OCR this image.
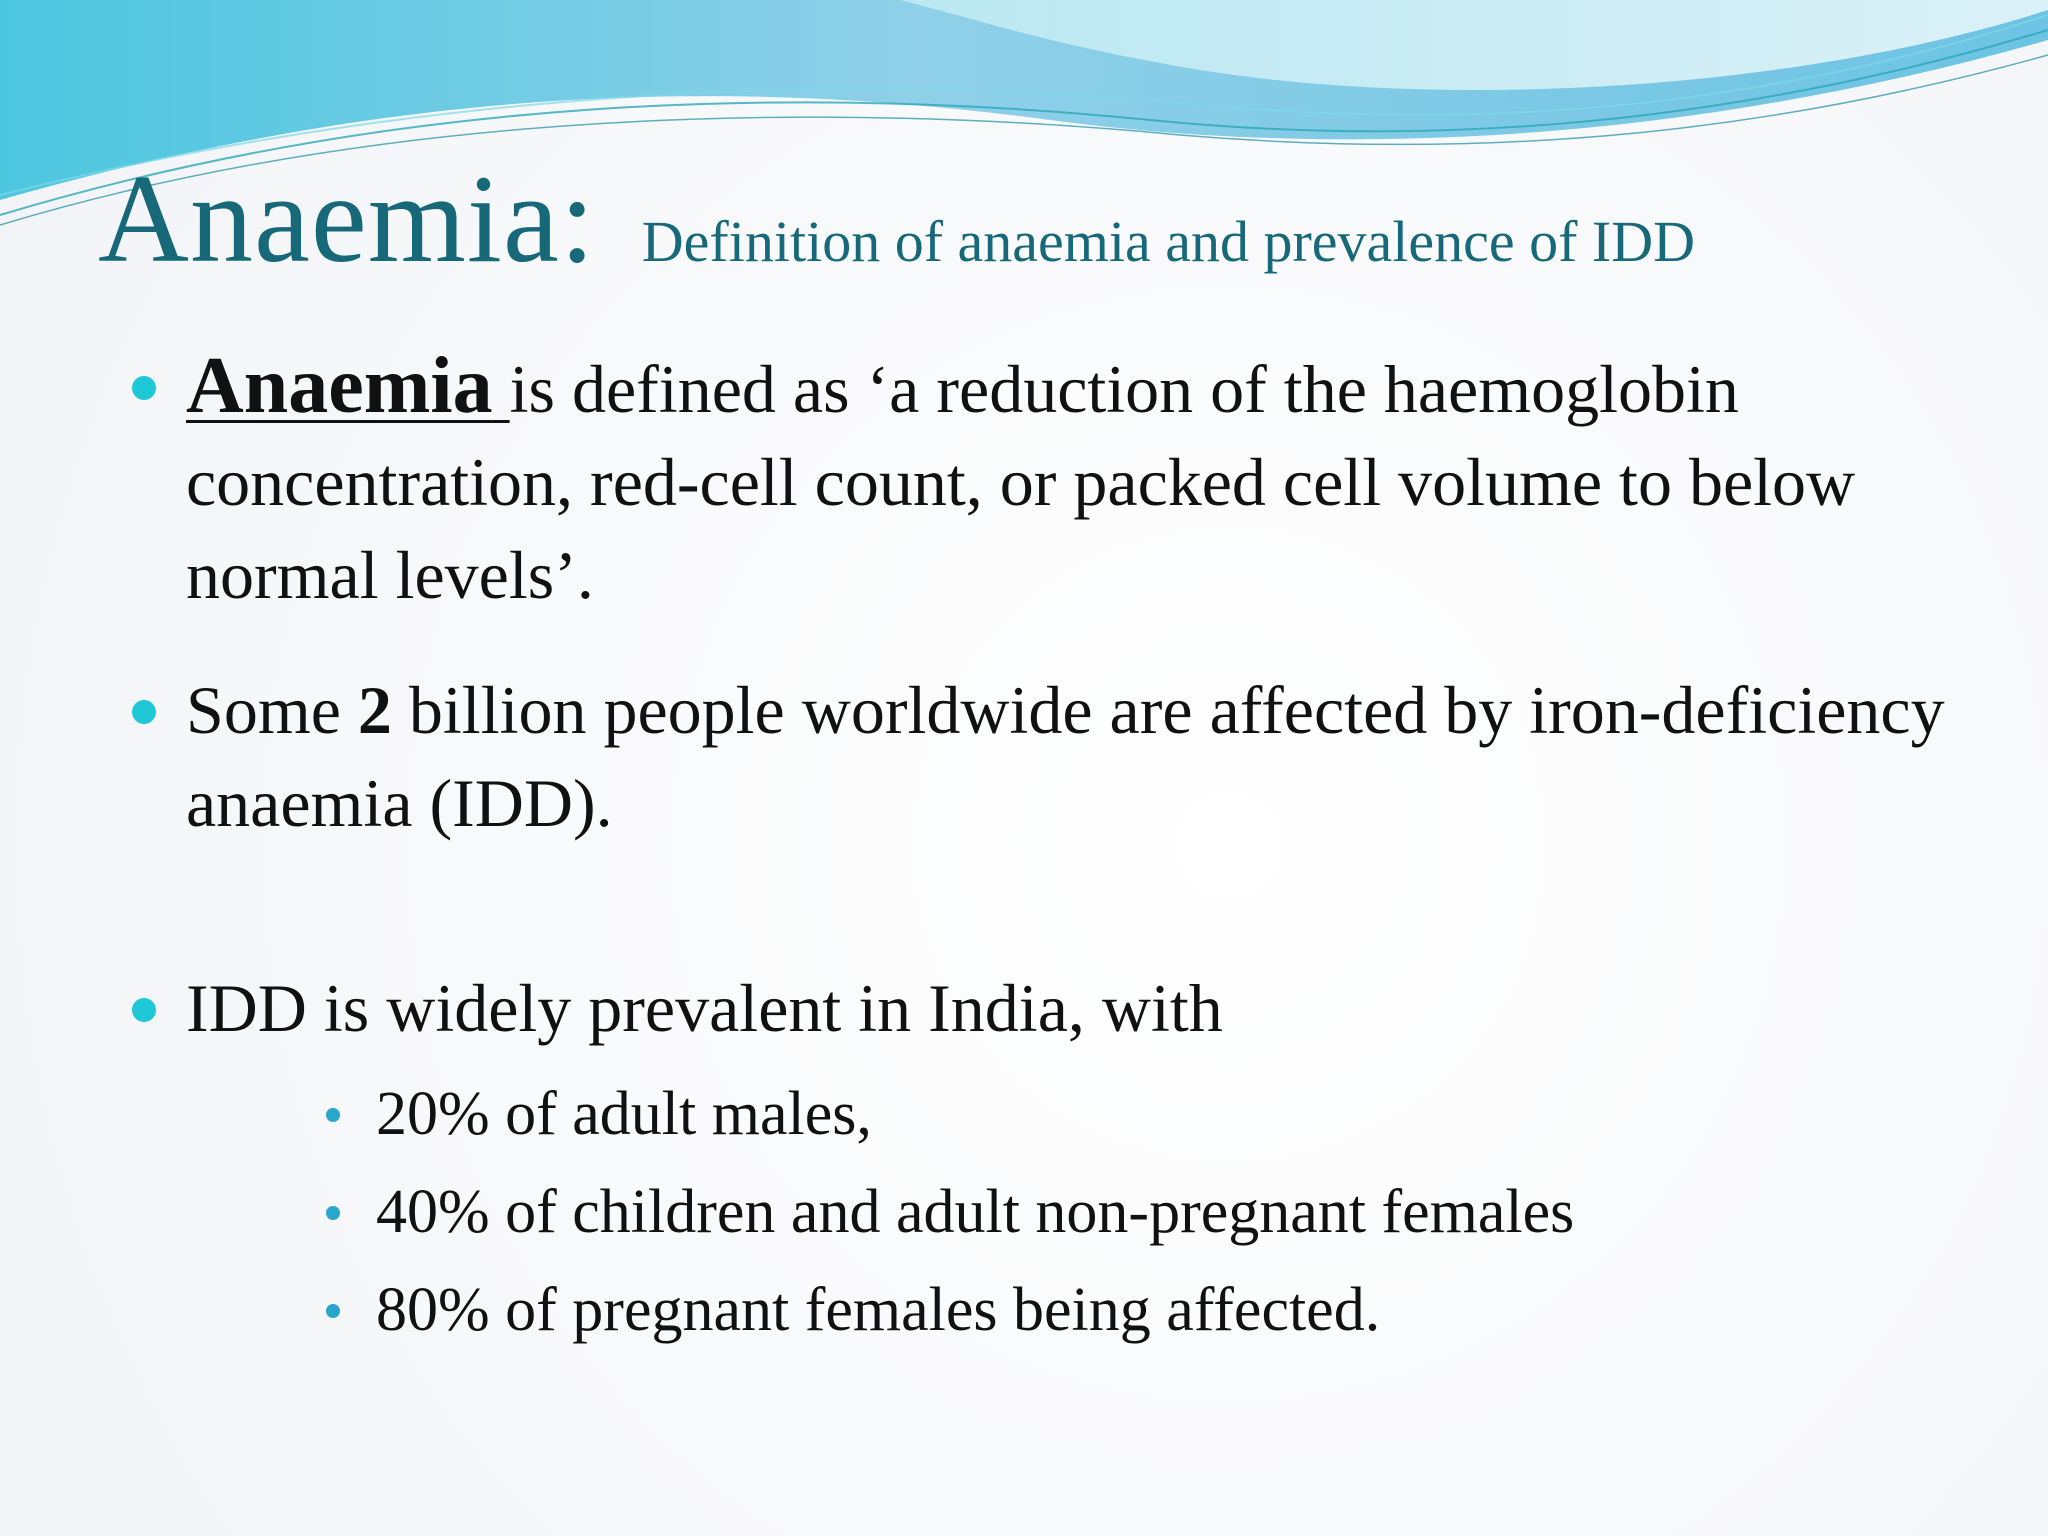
Anaemia: Definition of anaemia and prevalence of IDD
Anaemia is defined as ‘a reduction of the haemoglobin concentration, red-cell count, or packed cell volume to below normal levels’.
Some 2 billion people worldwide are affected by iron-deficiency anaemia (IDD).
IDD is widely prevalent in India, with
20% of adult males,
40% of children and adult non-pregnant females
80% of pregnant females being affected.
